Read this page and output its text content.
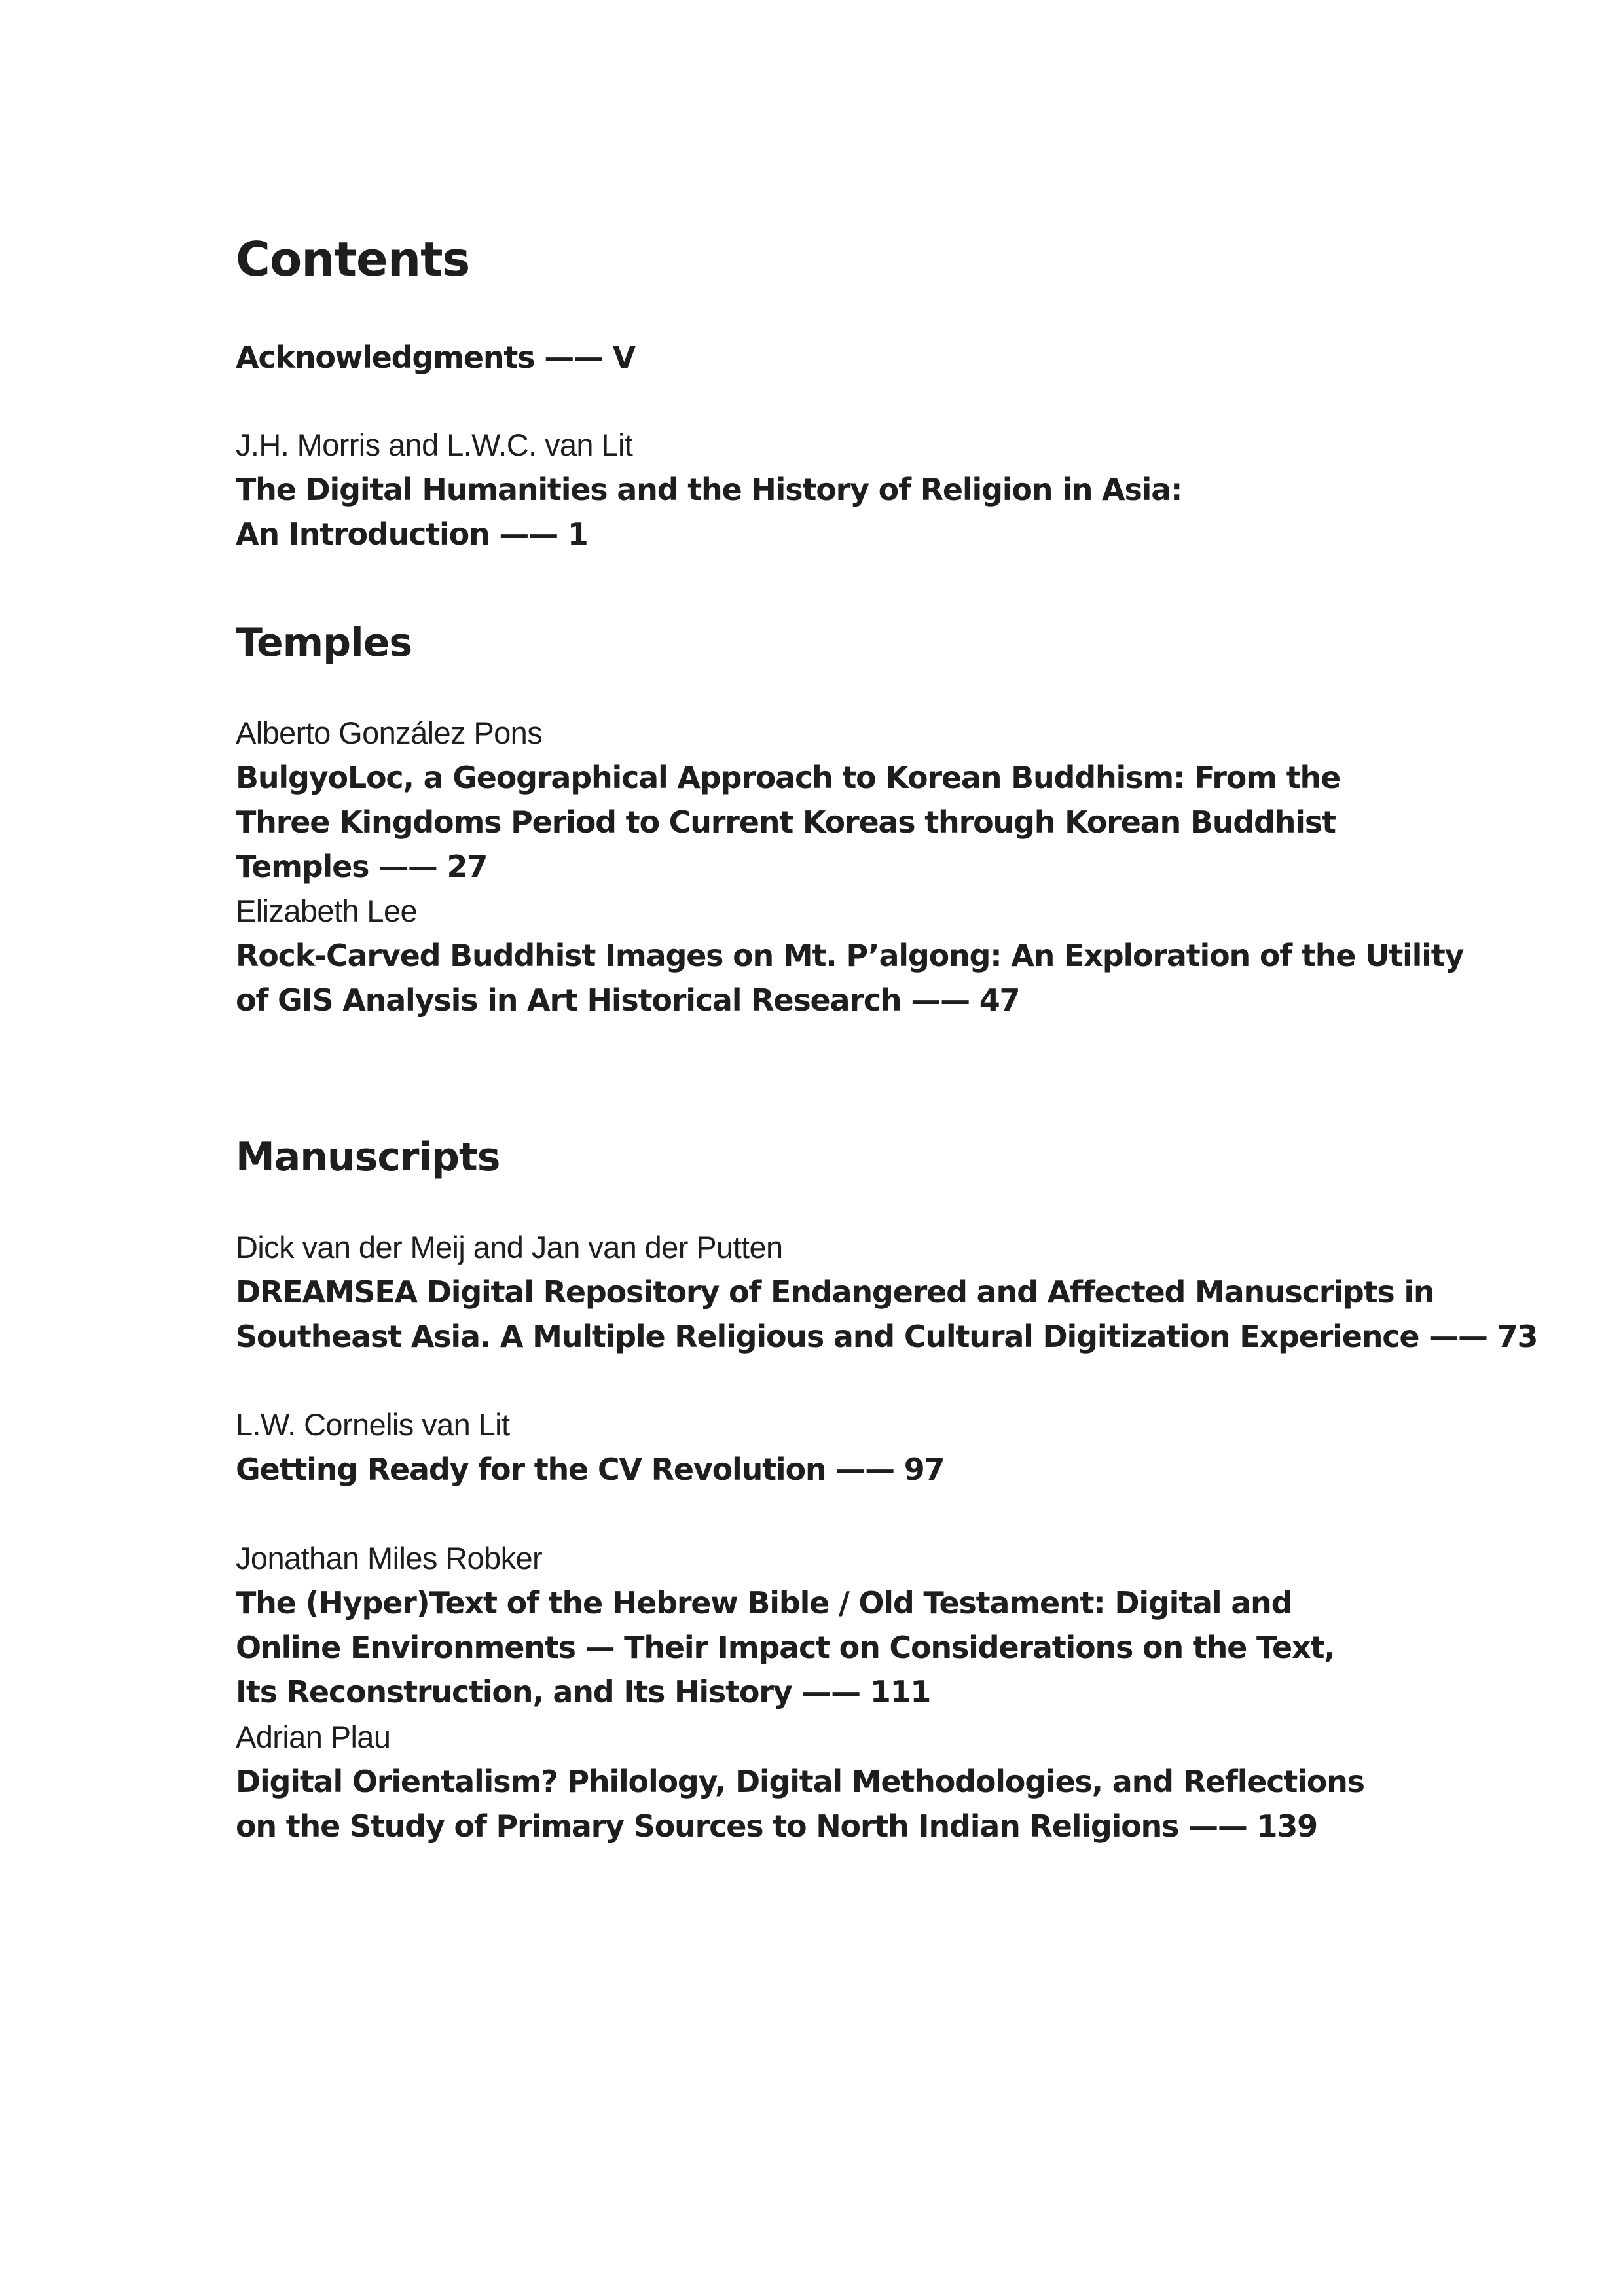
Contents
Acknowledgments —— V
J.H. Morris and L.W.C. van Lit
The Digital Humanities and the History of Religion in Asia:
An Introduction —— 1
Temples
Alberto González Pons
BulgyoLoc, a Geographical Approach to Korean Buddhism: From the
Three Kingdoms Period to Current Koreas through Korean Buddhist
Temples —— 27
Elizabeth Lee
Rock-Carved Buddhist Images on Mt. P’algong: An Exploration of the Utility
of GIS Analysis in Art Historical Research —— 47
Manuscripts
Dick van der Meij and Jan van der Putten
DREAMSEA Digital Repository of Endangered and Affected Manuscripts in
Southeast Asia. A Multiple Religious and Cultural Digitization Experience —— 73
L.W. Cornelis van Lit
Getting Ready for the CV Revolution —— 97
Jonathan Miles Robker
The (Hyper)Text of the Hebrew Bible / Old Testament: Digital and
Online Environments — Their Impact on Considerations on the Text,
Its Reconstruction, and Its History —— 111
Adrian Plau
Digital Orientalism? Philology, Digital Methodologies, and Reflections
on the Study of Primary Sources to North Indian Religions —— 139
